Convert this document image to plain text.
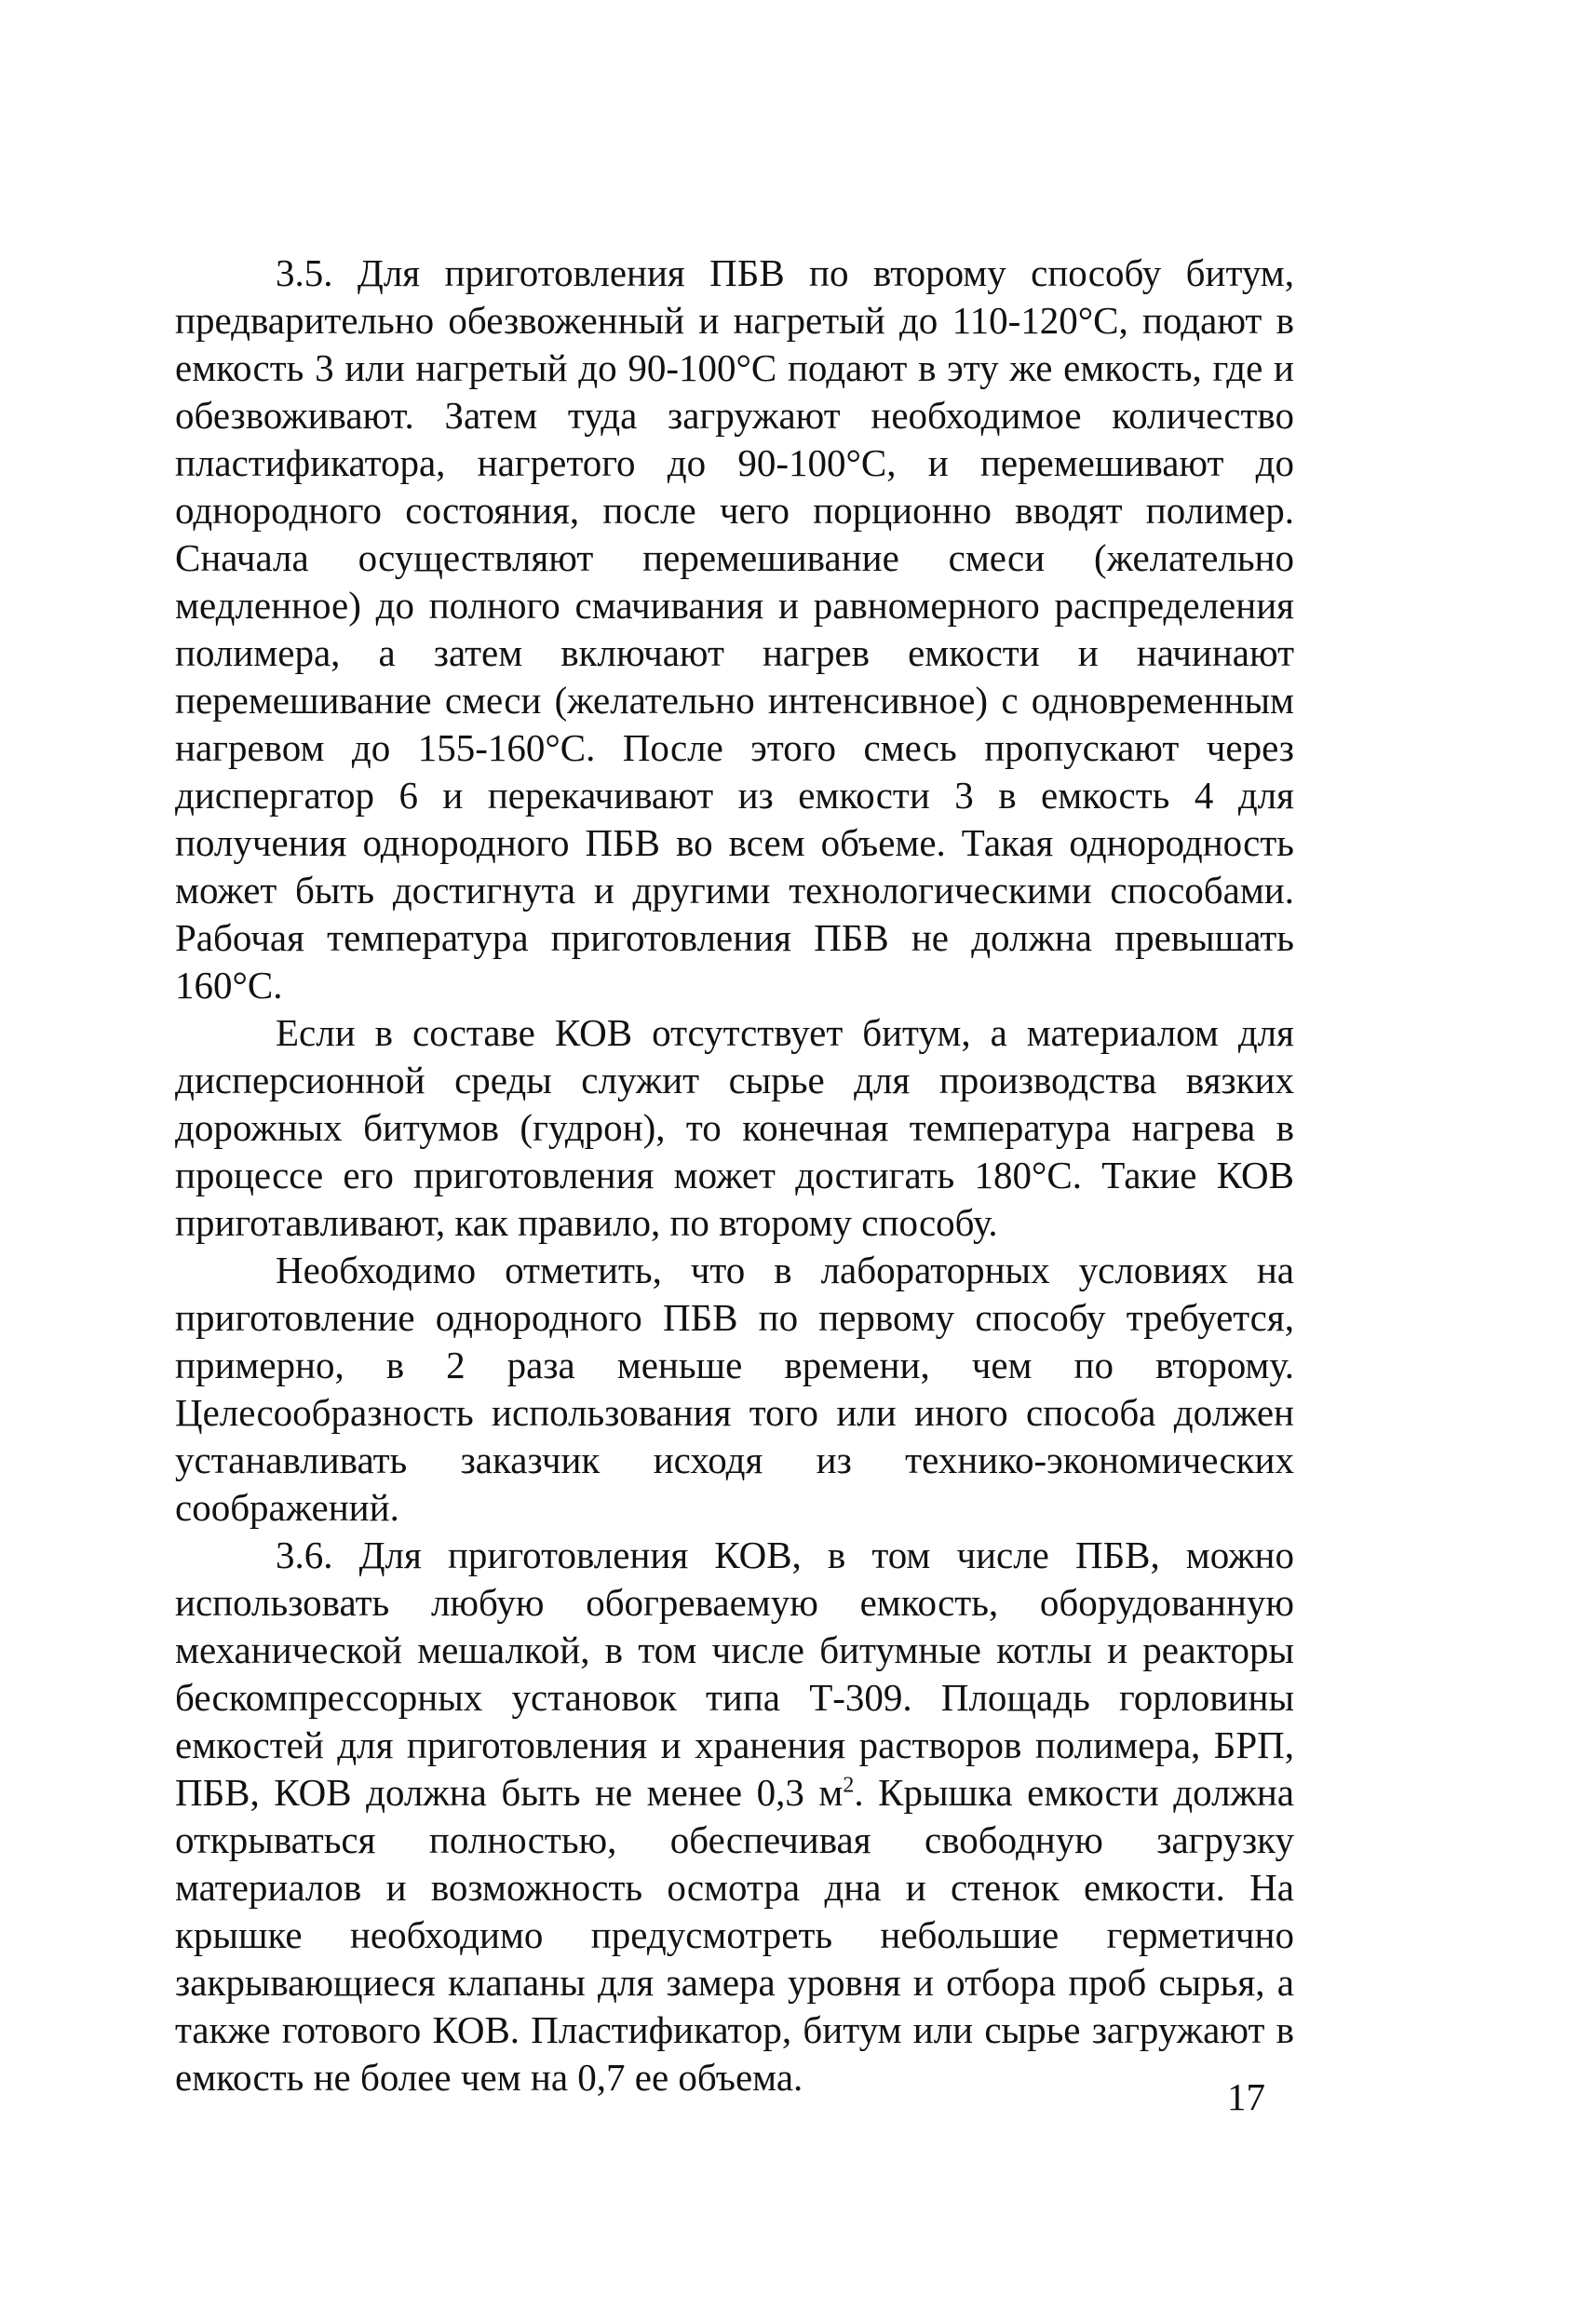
3.5. Для приготовления ПБВ по второму способу битум, предварительно обезвоженный и нагретый до 110-120°С, подают в емкость 3 или нагретый до 90-100°С подают в эту же емкость, где и обезвоживают. Затем туда загружают необходимое количество пластификатора, нагретого до 90-100°С, и перемешивают до однородного состояния, после чего порционно вводят полимер. Сначала осуществляют перемешивание смеси (желательно медленное) до полного смачивания и равномерного распределения полимера, а затем включают нагрев емкости и начинают перемешивание смеси (желательно интенсивное) с одновременным нагревом до 155-160°С. После этого смесь пропускают через диспергатор 6 и перекачивают из емкости 3 в емкость 4 для получения однородного ПБВ во всем объеме. Такая однородность может быть достигнута и другими технологическими способами. Рабочая температура приготовления ПБВ не должна превышать 160°С.

Если в составе КОВ отсутствует битум, а материалом для дисперсионной среды служит сырье для производства вязких дорожных битумов (гудрон), то конечная температура нагрева в процессе его приготовления может достигать 180°С. Такие КОВ приготавливают, как правило, по второму способу.

Необходимо отметить, что в лабораторных условиях на приготовление однородного ПБВ по первому способу требуется, примерно, в 2 раза меньше времени, чем по второму. Целесообразность использования того или иного способа должен устанавливать заказчик исходя из технико-экономических соображений.

3.6. Для приготовления КОВ, в том числе ПБВ, можно использовать любую обогреваемую емкость, оборудованную механической мешалкой, в том числе битумные котлы и реакторы бескомпрессорных установок типа Т-309. Площадь горловины емкостей для приготовления и хранения растворов полимера, БРП, ПБВ, КОВ должна быть не менее 0,3 $м^2$. Крышка емкости должна открываться полностью, обеспечивая свободную загрузку материалов и возможность осмотра дна и стенок емкости. На крышке необходимо предусмотреть небольшие герметично закрывающиеся клапаны для замера уровня и отбора проб сырья, а также готового КОВ. Пластификатор, битум или сырье загружают в емкость не более чем на 0,7 ее объема.	17
